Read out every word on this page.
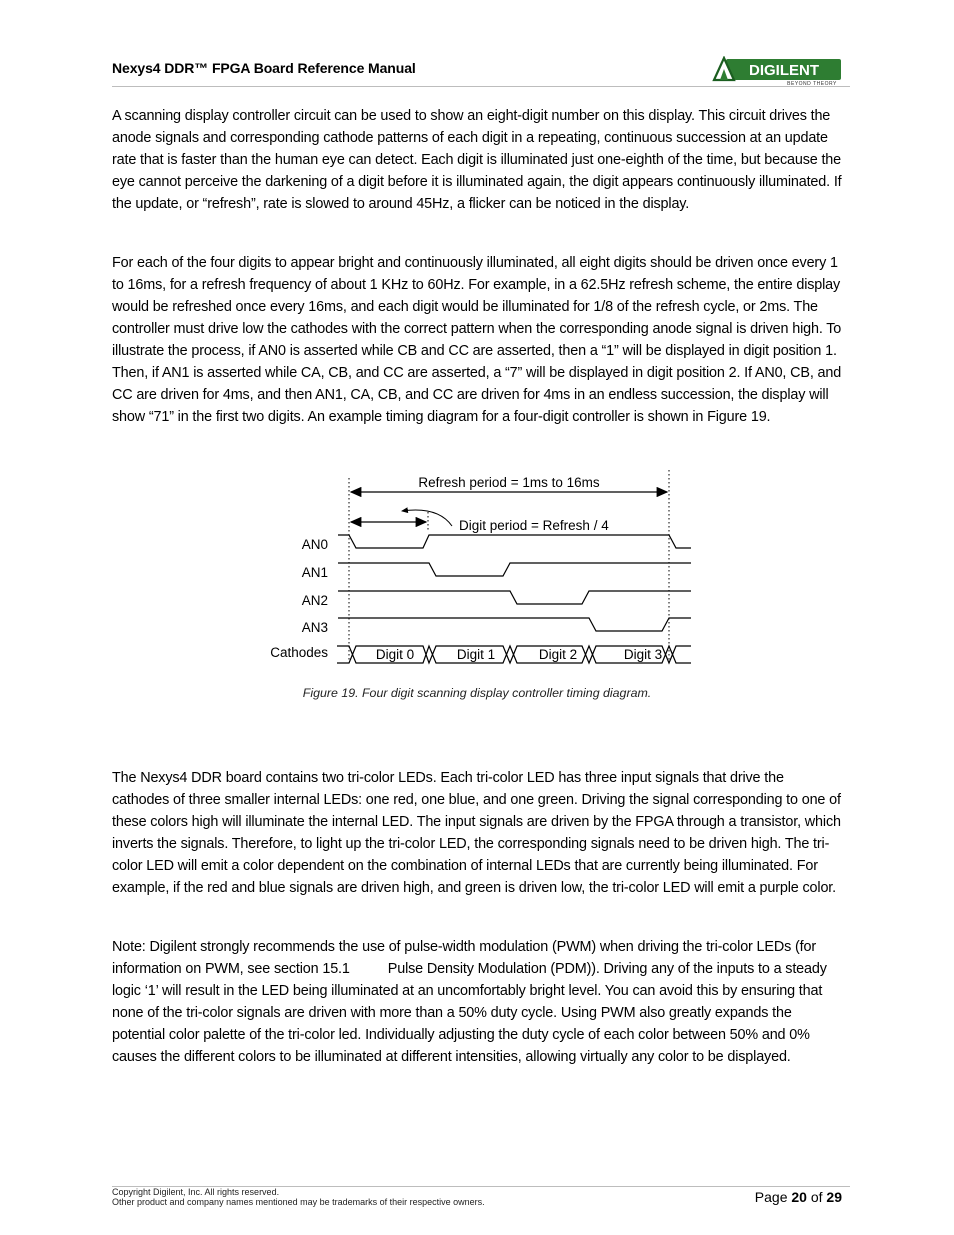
Nexys4 DDR™ FPGA Board Reference Manual	DIGILENT
BEYOND THEORY

A scanning display controller circuit can be used to show an eight-digit number on this display. This circuit drives the anode signals and corresponding cathode patterns of each digit in a repeating, continuous succession at an update rate that is faster than the human eye can detect. Each digit is illuminated just one-eighth of the time, but because the eye cannot perceive the darkening of a digit before it is illuminated again, the digit appears continuously illuminated. If the update, or “refresh”, rate is slowed to around 45Hz, a flicker can be noticed in the display.

For each of the four digits to appear bright and continuously illuminated, all eight digits should be driven once every 1 to 16ms, for a refresh frequency of about 1 KHz to 60Hz. For example, in a 62.5Hz refresh scheme, the entire display would be refreshed once every 16ms, and each digit would be illuminated for 1/8 of the refresh cycle, or 2ms. The controller must drive low the cathodes with the correct pattern when the corresponding anode signal is driven high. To illustrate the process, if AN0 is asserted while CB and CC are asserted, then a “1” will be displayed in digit position 1. Then, if AN1 is asserted while CA, CB, and CC are asserted, a “7” will be displayed in digit position 2. If AN0, CB, and CC are driven for 4ms, and then AN1, CA, CB, and CC are driven for 4ms in an endless succession, the display will show “71” in the first two digits. An example timing diagram for a four-digit controller is shown in Figure 19.

Refresh period = 1ms to 16ms
Digit period = Refresh / 4
AN0
AN1
AN2
AN3
Cathodes	Digit 0	Digit 1	Digit 2	Digit 3
Figure 19. Four digit scanning display controller timing diagram.

The Nexys4 DDR board contains two tri-color LEDs. Each tri-color LED has three input signals that drive the cathodes of three smaller internal LEDs: one red, one blue, and one green. Driving the signal corresponding to one of these colors high will illuminate the internal LED. The input signals are driven by the FPGA through a transistor, which inverts the signals. Therefore, to light up the tri-color LED, the corresponding signals need to be driven high. The tri-color LED will emit a color dependent on the combination of internal LEDs that are currently being illuminated. For example, if the red and blue signals are driven high, and green is driven low, the tri-color LED will emit a purple color.

Note: Digilent strongly recommends the use of pulse-width modulation (PWM) when driving the tri-color LEDs (for information on PWM, see section 15.1	Pulse Density Modulation (PDM)). Driving any of the inputs to a steady logic ‘1’ will result in the LED being illuminated at an uncomfortably bright level. You can avoid this by ensuring that none of the tri-color signals are driven with more than a 50% duty cycle. Using PWM also greatly expands the potential color palette of the tri-color led. Individually adjusting the duty cycle of each color between 50% and 0% causes the different colors to be illuminated at different intensities, allowing virtually any color to be displayed.

Copyright Digilent, Inc. All rights reserved.
Other product and company names mentioned may be trademarks of their respective owners.	Page 20 of 29
